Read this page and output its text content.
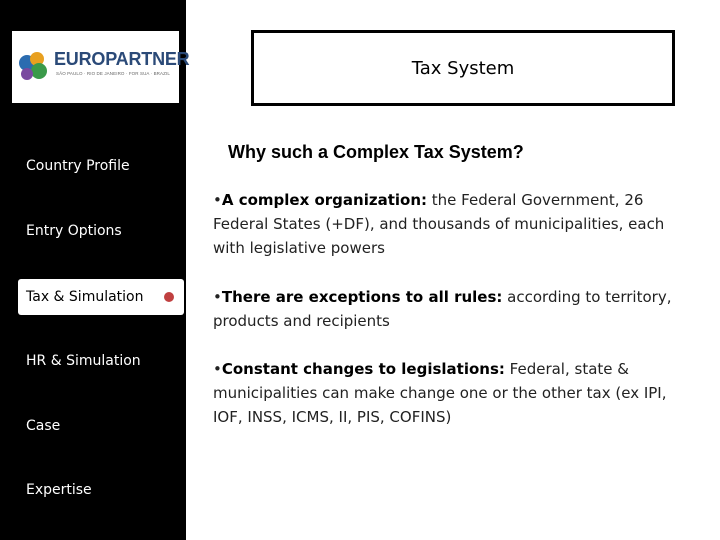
EUROPARTNER
SÃO PAULO · RIO DE JANEIRO · FOR SUA · BRAZIL
Country Profile
Entry Options
Tax & Simulation
HR & Simulation
Case
Expertise
Tax System
Why such a Complex Tax System?
•A complex organization: the Federal Government, 26 Federal States (+DF), and thousands of municipalities, each with legislative powers
•There are exceptions to all rules: according to territory, products and recipients
•Constant changes to legislations: Federal, state & municipalities can make change one or the other tax (ex IPI, IOF, INSS, ICMS, II, PIS, COFINS)
